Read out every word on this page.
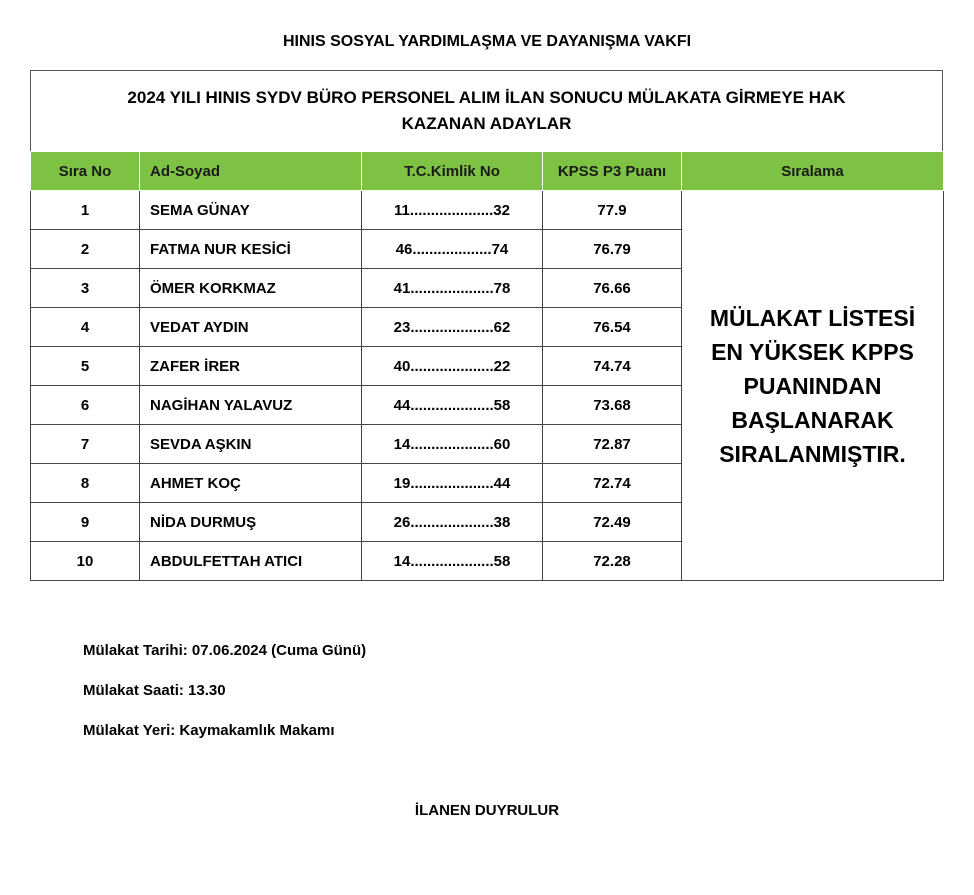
HINIS SOSYAL YARDIMLAŞMA VE DAYANIŞMA VAKFI
2024 YILI HINIS SYDV BÜRO PERSONEL ALIM İLAN SONUCU MÜLAKATA GİRMEYE HAK KAZANAN ADAYLAR
Sıra No	Ad-Soyad	T.C.Kimlik No	KPSS P3 Puanı	Sıralama
1	SEMA GÜNAY	11....................32	77.9	MÜLAKAT LİSTESİ EN YÜKSEK KPPS PUANINDAN BAŞLANARAK SIRALANMIŞTIR.
2	FATMA NUR KESİCİ	46...................74	76.79	
3	ÖMER KORKMAZ	41....................78	76.66	
4	VEDAT AYDIN	23....................62	76.54	
5	ZAFER İRER	40....................22	74.74	
6	NAGİHAN YALAVUZ	44....................58	73.68	
7	SEVDA AŞKIN	14....................60	72.87	
8	AHMET KOÇ	19....................44	72.74	
9	NİDA DURMUŞ	26....................38	72.49	
10	ABDULFETTAH ATICI	14....................58	72.28	
Mülakat Tarihi: 07.06.2024 (Cuma Günü)
Mülakat Saati: 13.30
Mülakat Yeri: Kaymakamlık Makamı
İLANEN DUYRULUR
